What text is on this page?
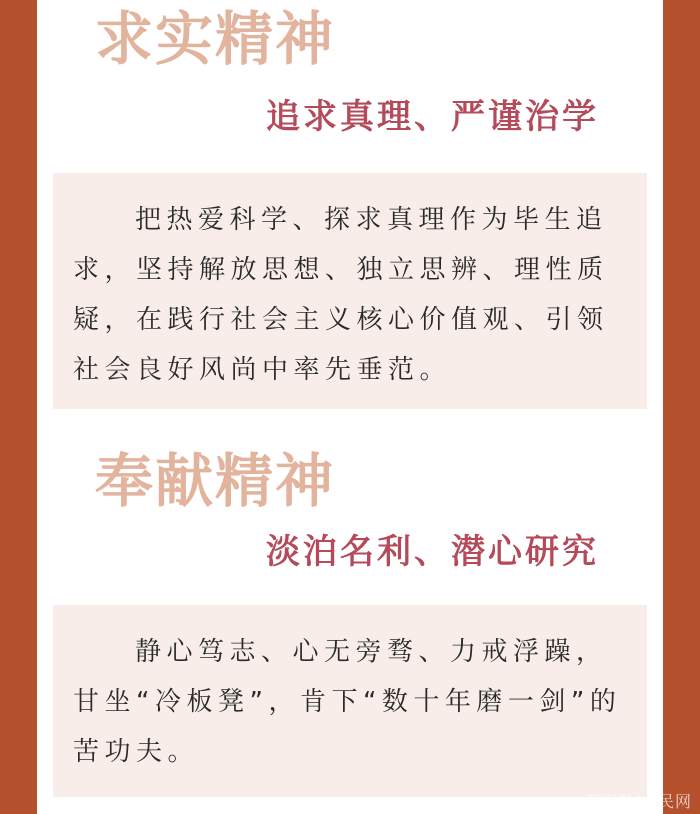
求实精神
追求真理、严谨治学

把热爱科学、探求真理作为毕生追求，坚持解放思想、独立思辨、理性质疑，在践行社会主义核心价值观、引领社会良好风尚中率先垂范。

奉献精神
淡泊名利、潜心研究

静心笃志、心无旁骛、力戒浮躁，甘坐“冷板凳”，肯下“数十年磨一剑”的苦功夫。

百家号/人民网
